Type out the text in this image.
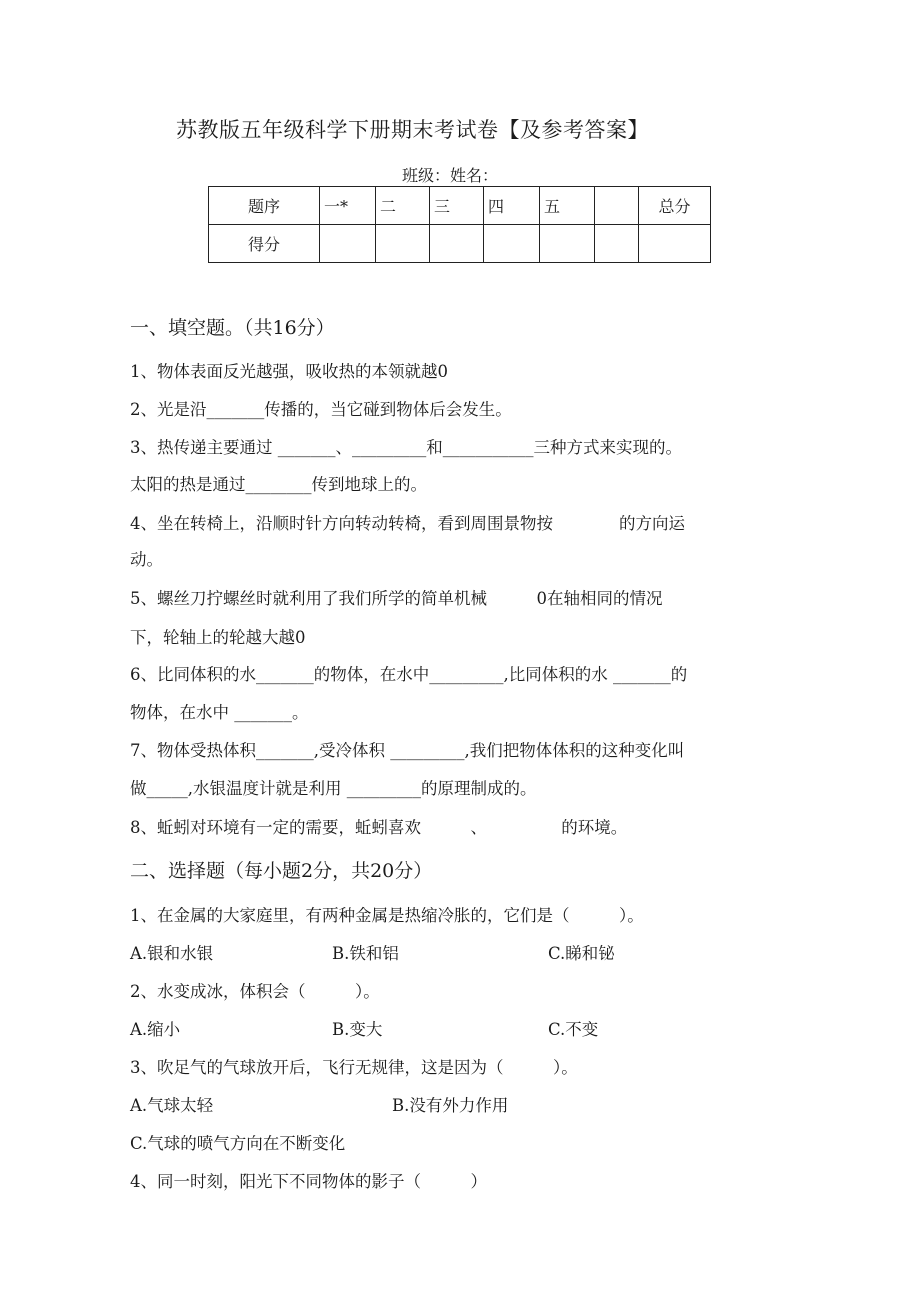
苏教版五年级科学下册期末考试卷【及参考答案】
班级：姓名：
题序	一*	二	三	四	五		总分
得分							
一、填空题。（共16分）
1、物体表面反光越强，吸收热的本领就越0
2、光是沿_______传播的，当它碰到物体后会发生。
3、热传递主要通过 _______、_________和___________三种方式来实现的。
太阳的热是通过________传到地球上的。
4、坐在转椅上，沿顺时针方向转动转椅，看到周围景物按　　　　的方向运
动。
5、螺丝刀拧螺丝时就利用了我们所学的简单机械　　　0在轴相同的情况
下，轮轴上的轮越大越0
6、比同体积的水_______的物体，在水中_________,比同体积的水 _______的
物体，在水中 _______。
7、物体受热体积_______,受冷体积 _________,我们把物体体积的这种变化叫
做_____,水银温度计就是利用 _________的原理制成的。
8、蚯蚓对环境有一定的需要，蚯蚓喜欢　　　、　　　　　的环境。
二、选择题（每小题2分，共20分）
1、在金属的大家庭里，有两种金属是热缩冷胀的，它们是（　　　）。
A.银和水银	B.铁和铝	C.睇和铋
2、水变成冰，体积会（　　　）。
A.缩小	B.变大	C.不变
3、吹足气的气球放开后，飞行无规律，这是因为（　　　）。
A.气球太轻	B.没有外力作用
C.气球的喷气方向在不断变化
4、同一时刻，阳光下不同物体的影子（　　　）
